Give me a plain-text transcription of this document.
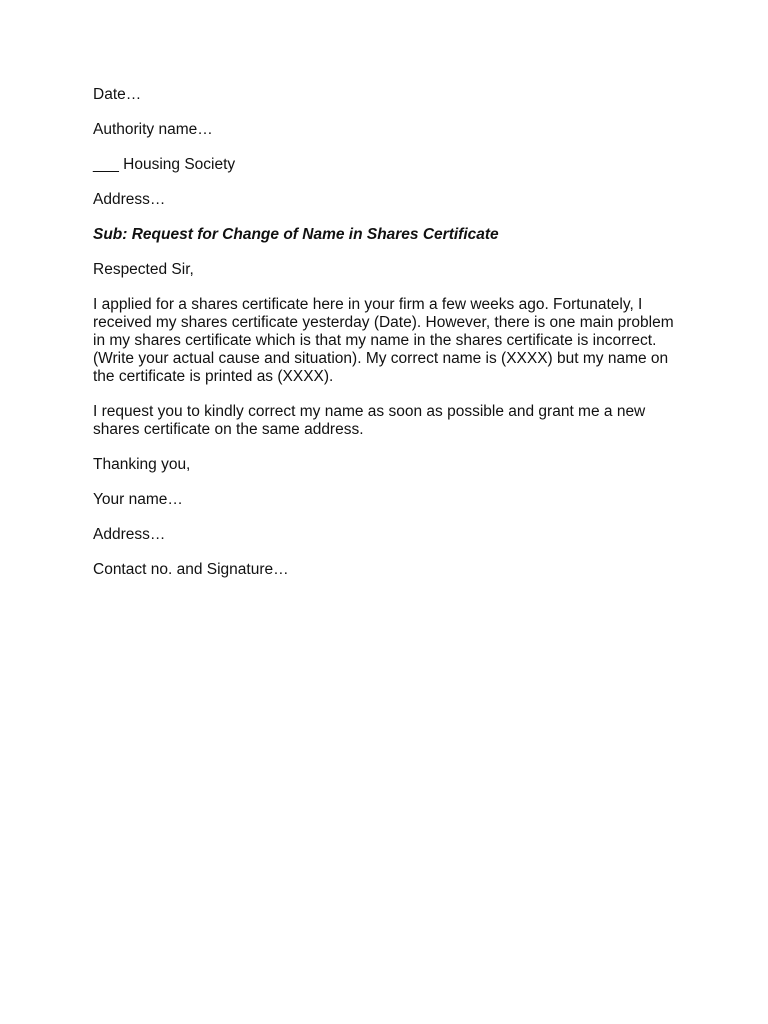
Date…

Authority name…

___ Housing Society

Address…

Sub: Request for Change of Name in Shares Certificate

Respected Sir,

I applied for a shares certificate here in your firm a few weeks ago. Fortunately, I received my shares certificate yesterday (Date). However, there is one main problem in my shares certificate which is that my name in the shares certificate is incorrect. (Write your actual cause and situation). My correct name is (XXXX) but my name on the certificate is printed as (XXXX).

I request you to kindly correct my name as soon as possible and grant me a new shares certificate on the same address.

Thanking you,

Your name…

Address…

Contact no. and Signature…
